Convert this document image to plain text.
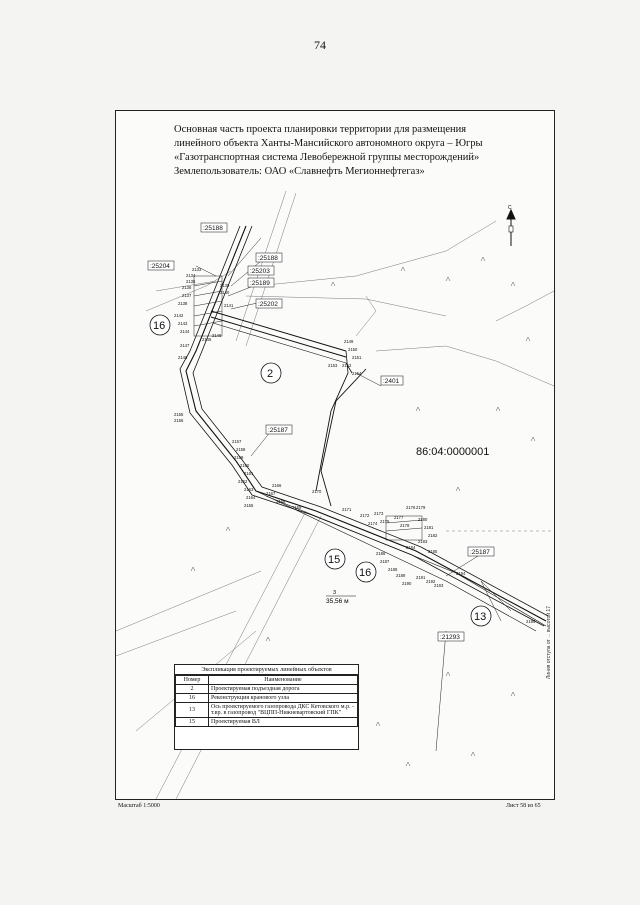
74
Основная часть проекта планировки территории для размещения
линейного объекта Ханты-Мансийского автономного округа – Югры
«Газотранспортная система Левобережной группы месторождений»
Землепользователь: ОАО «Славнефть Мегионнефтегаз»
С
:25188
:25204
:25188
:25203
:25189
:25202
:2401
:25187
:25187
:21293
16
2
15
16
13
3
35,56 м
2133
2134
2135
2136
2137
2138
2139
2140
2141
2142
2143
2144
2145
2146
2147
2148
2149
2150
2151
2152
2153
2154
2155
2156
2157
2158
2159
2160
2161
2162
2163
2164
2165
2166
2167
2168
2169
2170
2171
2172 2173
2174 2175
2176
2177
2178
2179
2180
2181
2182
2183
2184
2185
2186
2187
2188
2189
2190
2191
2192
2193
2194
2195
86:04:0000001
Линия отступа от ... высотой 17
Экспликация проектируемых линейных объектов
Номер	Наименование
2	Проектируемая подъездная дорога
16	Реконструкция кранового узла
13	Ось проектируемого газопровода ДКС Кетовского м.р. - т.вр. в газопровод "ВЦПП-Нижневартовский ГПК"
15	Проектируемая ВЛ
Масштаб 1:5000	Лист 58 из 65
